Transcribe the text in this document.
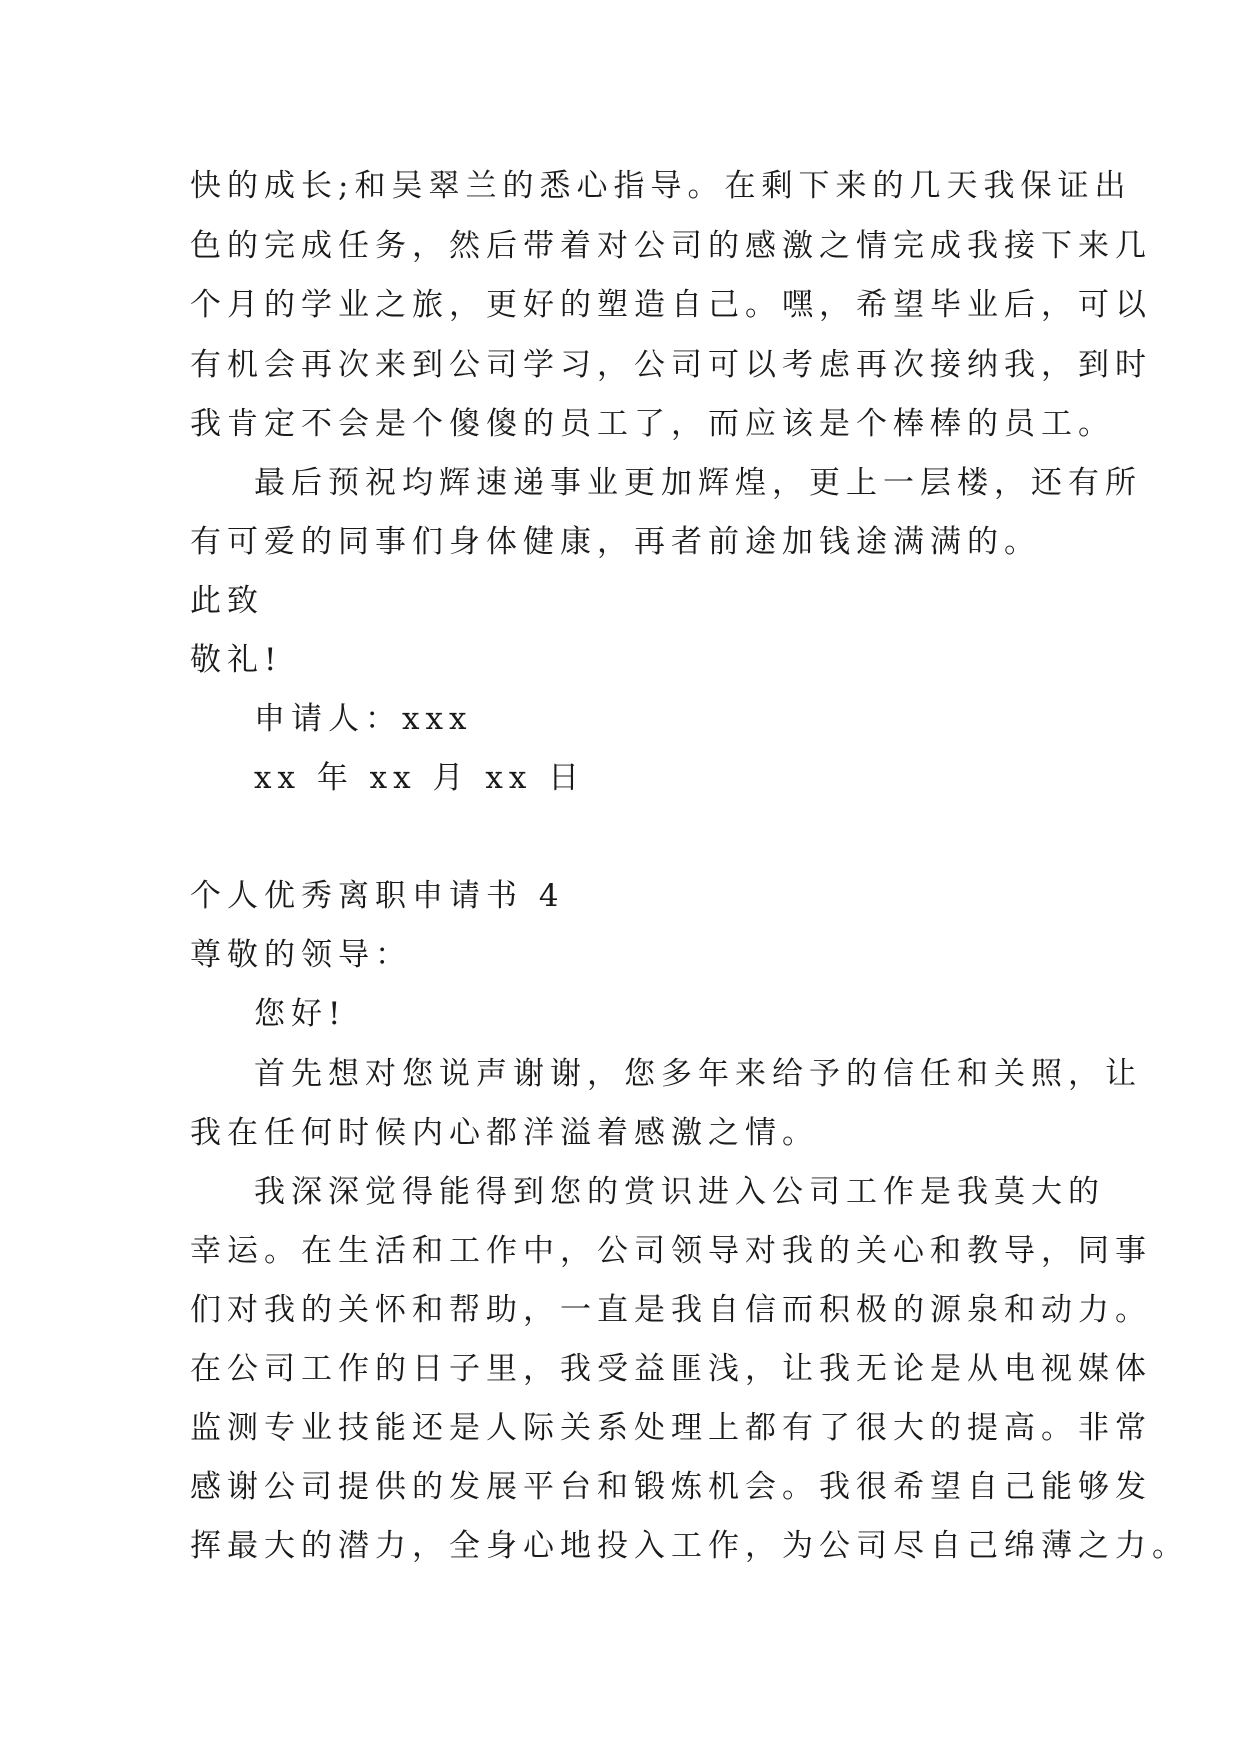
快的成长;和吴翠兰的悉心指导。在剩下来的几天我保证出
色的完成任务，然后带着对公司的感激之情完成我接下来几
个月的学业之旅，更好的塑造自己。嘿，希望毕业后，可以
有机会再次来到公司学习，公司可以考虑再次接纳我，到时
我肯定不会是个傻傻的员工了，而应该是个棒棒的员工。
最后预祝均辉速递事业更加辉煌，更上一层楼，还有所
有可爱的同事们身体健康，再者前途加钱途满满的。
此致
敬礼!
申请人：xxx
xx 年 xx 月 xx 日
个人优秀离职申请书 4
尊敬的领导：
您好!
首先想对您说声谢谢，您多年来给予的信任和关照，让
我在任何时候内心都洋溢着感激之情。
我深深觉得能得到您的赏识进入公司工作是我莫大的
幸运。在生活和工作中，公司领导对我的关心和教导，同事
们对我的关怀和帮助，一直是我自信而积极的源泉和动力。
在公司工作的日子里，我受益匪浅，让我无论是从电视媒体
监测专业技能还是人际关系处理上都有了很大的提高。非常
感谢公司提供的发展平台和锻炼机会。我很希望自己能够发
挥最大的潜力，全身心地投入工作，为公司尽自己绵薄之力。
